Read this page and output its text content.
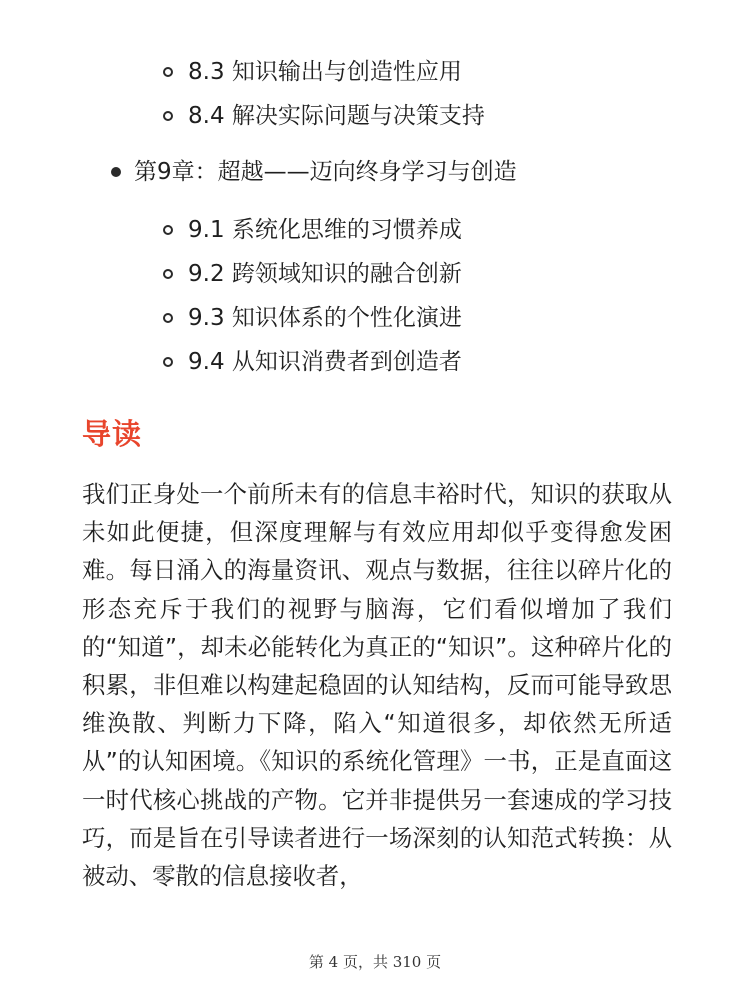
8.3 知识输出与创造性应用
8.4 解决实际问题与决策支持
第9章：超越——迈向终身学习与创造
9.1 系统化思维的习惯养成
9.2 跨领域知识的融合创新
9.3 知识体系的个性化演进
9.4 从知识消费者到创造者
导读

我们正身处一个前所未有的信息丰裕时代，知识的获取从未如此便捷，但深度理解与有效应用却似乎变得愈发困难。每日涌入的海量资讯、观点与数据，往往以碎片化的形态充斥于我们的视野与脑海，它们看似增加了我们的“知道”，却未必能转化为真正的“知识”。这种碎片化的积累，非但难以构建起稳固的认知结构，反而可能导致思维涣散、判断力下降，陷入“知道很多，却依然无所适从”的认知困境。《知识的系统化管理》一书，正是直面这一时代核心挑战的产物。它并非提供另一套速成的学习技巧，而是旨在引导读者进行一场深刻的认知范式转换：从被动、零散的信息接收者，

第 4 页，共 310 页
